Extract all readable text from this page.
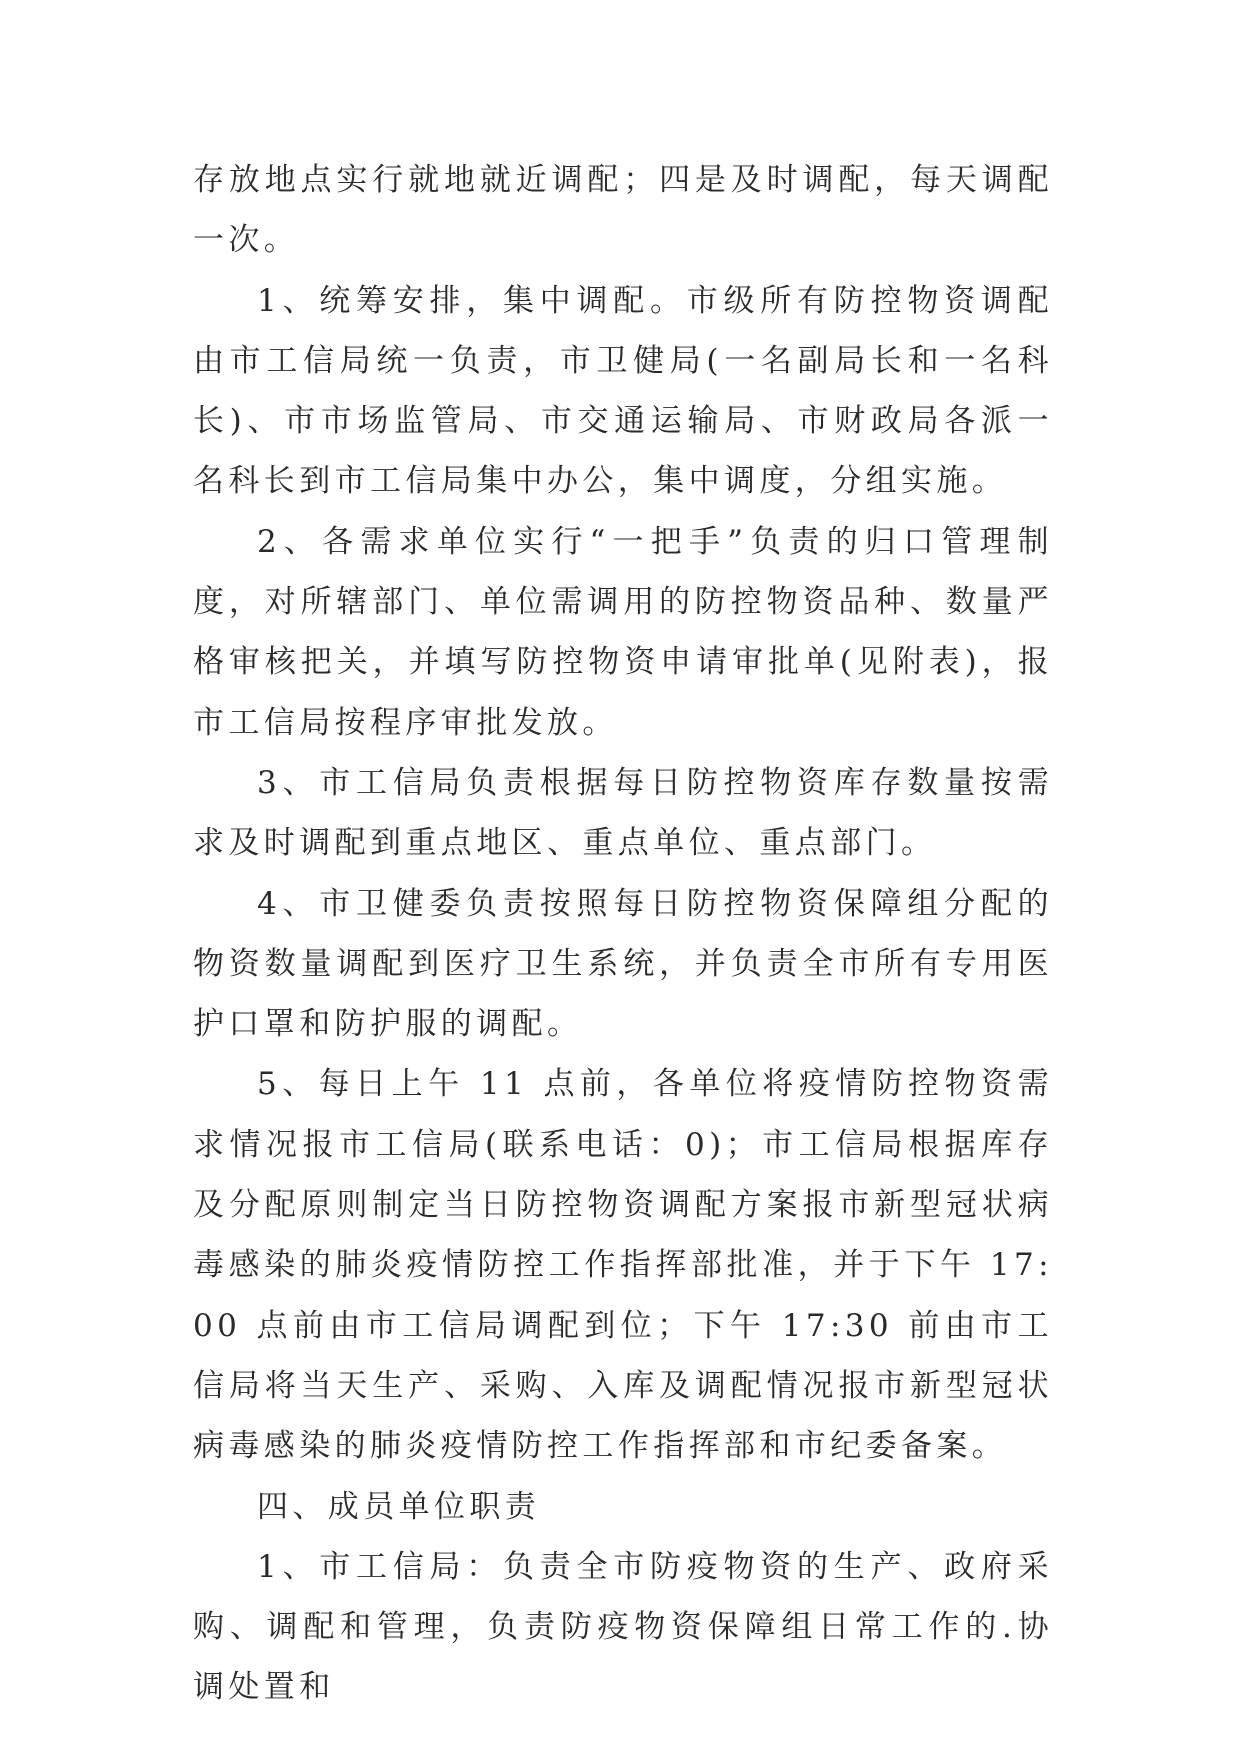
存放地点实行就地就近调配；四是及时调配，每天调配一次。

1、统筹安排，集中调配。市级所有防控物资调配由市工信局统一负责，市卫健局(一名副局长和一名科长)、市市场监管局、市交通运输局、市财政局各派一名科长到市工信局集中办公，集中调度，分组实施。

2、各需求单位实行“一把手”负责的归口管理制度，对所辖部门、单位需调用的防控物资品种、数量严格审核把关，并填写防控物资申请审批单(见附表)，报市工信局按程序审批发放。

3、市工信局负责根据每日防控物资库存数量按需求及时调配到重点地区、重点单位、重点部门。

4、市卫健委负责按照每日防控物资保障组分配的物资数量调配到医疗卫生系统，并负责全市所有专用医护口罩和防护服的调配。

5、每日上午 11 点前，各单位将疫情防控物资需求情况报市工信局(联系电话：0)；市工信局根据库存及分配原则制定当日防控物资调配方案报市新型冠状病毒感染的肺炎疫情防控工作指挥部批准，并于下午 17:00 点前由市工信局调配到位；下午 17:30 前由市工信局将当天生产、采购、入库及调配情况报市新型冠状病毒感染的肺炎疫情防控工作指挥部和市纪委备案。

四、成员单位职责

1、市工信局：负责全市防疫物资的生产、政府采购、调配和管理，负责防疫物资保障组日常工作的.协调处置和
